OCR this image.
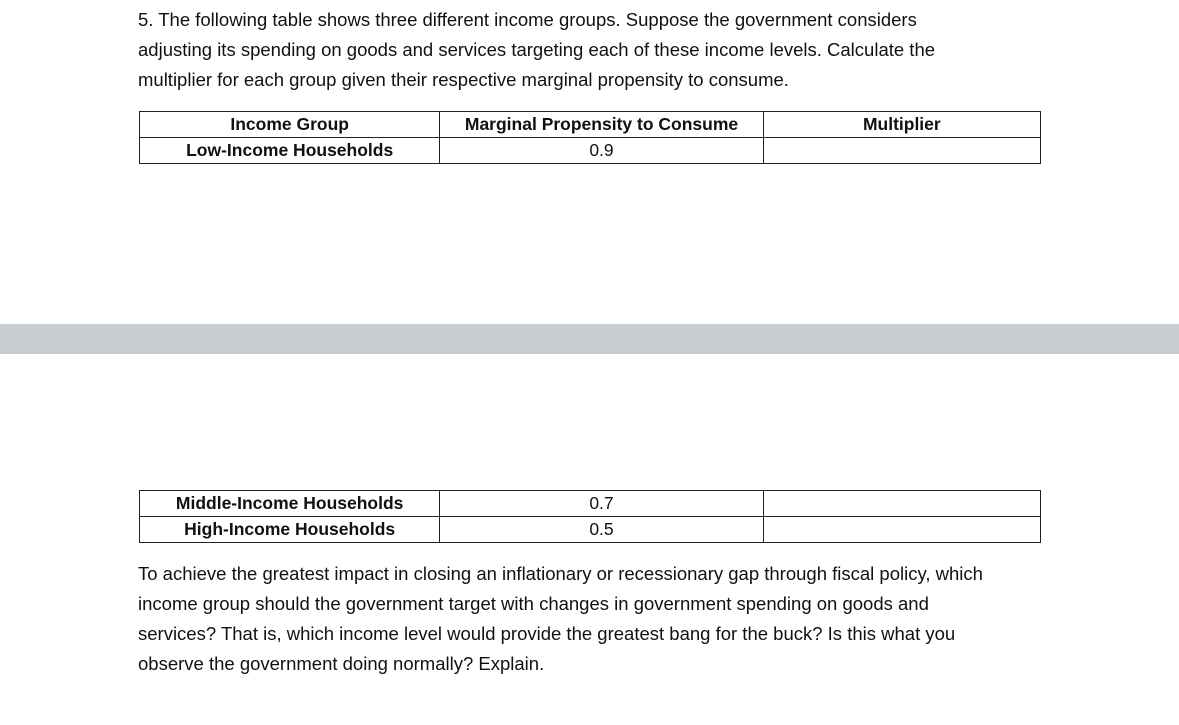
5. The following table shows three different income groups. Suppose the government considers
adjusting its spending on goods and services targeting each of these income levels. Calculate the
multiplier for each group given their respective marginal propensity to consume.

Income Group	Marginal Propensity to Consume	Multiplier
Low-Income Households	0.9	
Middle-Income Households	0.7	
High-Income Households	0.5	

To achieve the greatest impact in closing an inflationary or recessionary gap through fiscal policy, which
income group should the government target with changes in government spending on goods and
services? That is, which income level would provide the greatest bang for the buck? Is this what you
observe the government doing normally? Explain.
